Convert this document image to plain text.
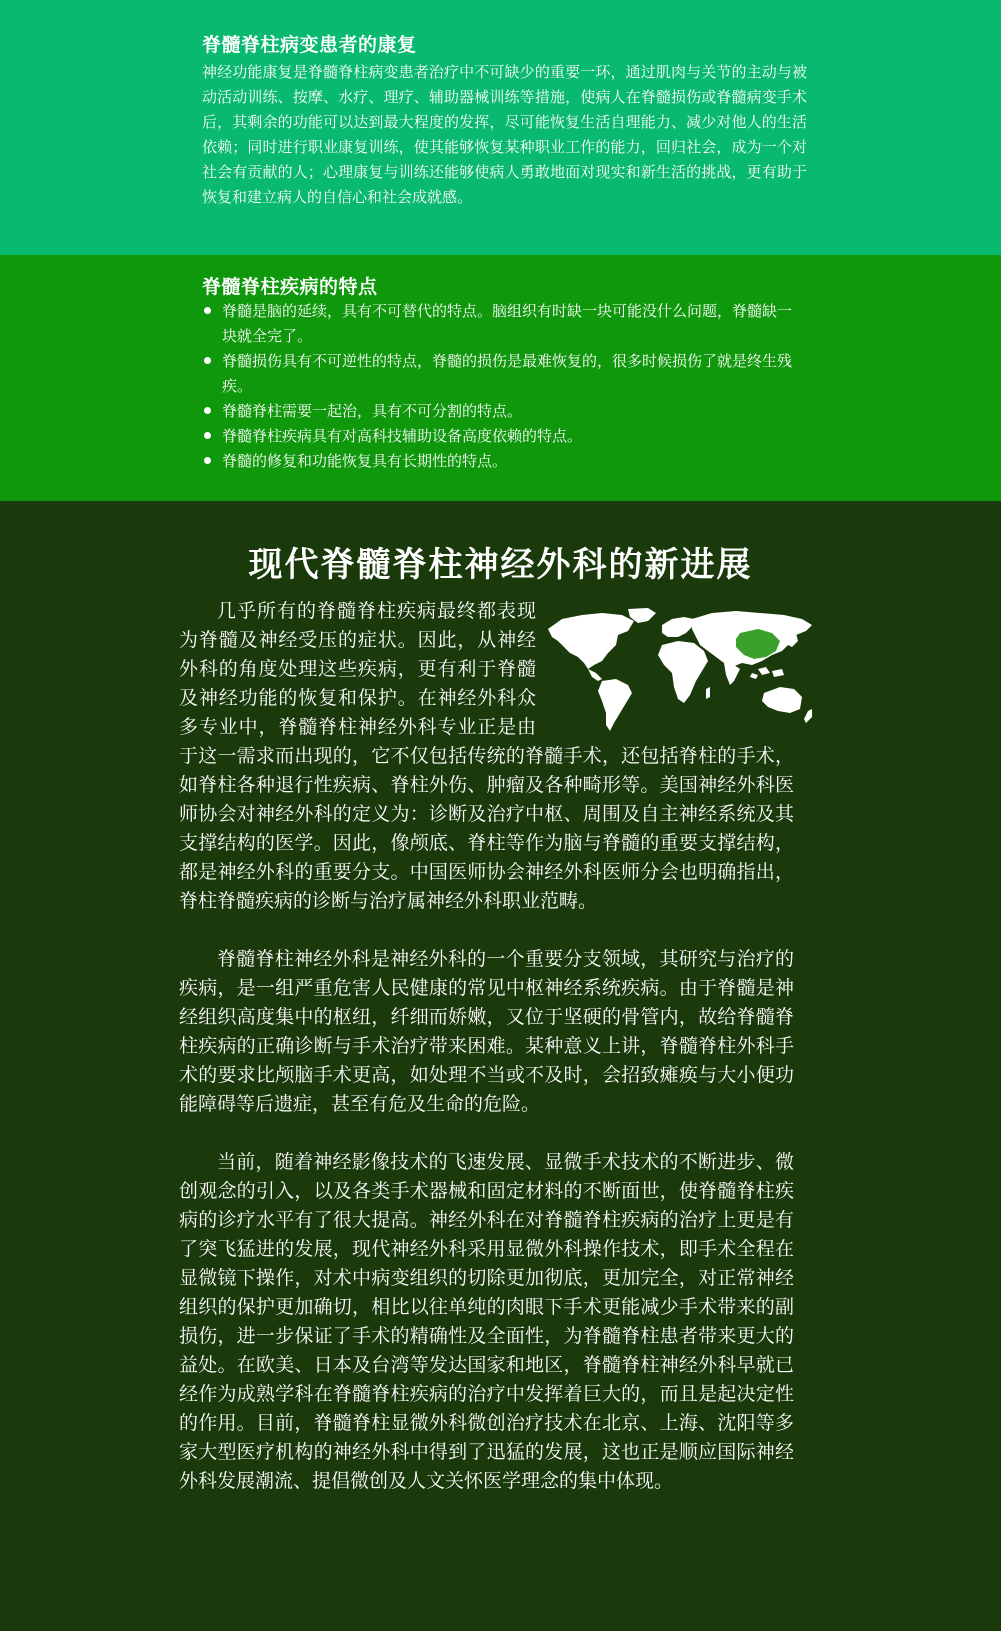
脊髓脊柱病变患者的康复

神经功能康复是脊髓脊柱病变患者治疗中不可缺少的重要一环，通过肌肉与关节的主动与被动活动训练、按摩、水疗、理疗、辅助器械训练等措施，使病人在脊髓损伤或脊髓病变手术后，其剩余的功能可以达到最大程度的发挥，尽可能恢复生活自理能力、减少对他人的生活依赖；同时进行职业康复训练，使其能够恢复某种职业工作的能力，回归社会，成为一个对社会有贡献的人；心理康复与训练还能够使病人勇敢地面对现实和新生活的挑战，更有助于恢复和建立病人的自信心和社会成就感。

脊髓脊柱疾病的特点
脊髓是脑的延续，具有不可替代的特点。脑组织有时缺一块可能没什么问题，脊髓缺一块就全完了。
脊髓损伤具有不可逆性的特点，脊髓的损伤是最难恢复的，很多时候损伤了就是终生残疾。
脊髓脊柱需要一起治，具有不可分割的特点。
脊髓脊柱疾病具有对高科技辅助设备高度依赖的特点。
脊髓的修复和功能恢复具有长期性的特点。
现代脊髓脊柱神经外科的新进展

几乎所有的脊髓脊柱疾病最终都表现为脊髓及神经受压的症状。因此，从神经外科的角度处理这些疾病，更有利于脊髓及神经功能的恢复和保护。在神经外科众多专业中，脊髓脊柱神经外科专业正是由于这一需求而出现的，它不仅包括传统的脊髓手术，还包括脊柱的手术，如脊柱各种退行性疾病、脊柱外伤、肿瘤及各种畸形等。美国神经外科医师协会对神经外科的定义为：诊断及治疗中枢、周围及自主神经系统及其支撑结构的医学。因此，像颅底、脊柱等作为脑与脊髓的重要支撑结构，都是神经外科的重要分支。中国医师协会神经外科医师分会也明确指出，脊柱脊髓疾病的诊断与治疗属神经外科职业范畴。

脊髓脊柱神经外科是神经外科的一个重要分支领域，其研究与治疗的疾病，是一组严重危害人民健康的常见中枢神经系统疾病。由于脊髓是神经组织高度集中的枢纽，纤细而娇嫩，又位于坚硬的骨管内，故给脊髓脊柱疾病的正确诊断与手术治疗带来困难。某种意义上讲，脊髓脊柱外科手术的要求比颅脑手术更高，如处理不当或不及时，会招致瘫痪与大小便功能障碍等后遗症，甚至有危及生命的危险。

当前，随着神经影像技术的飞速发展、显微手术技术的不断进步、微创观念的引入，以及各类手术器械和固定材料的不断面世，使脊髓脊柱疾病的诊疗水平有了很大提高。神经外科在对脊髓脊柱疾病的治疗上更是有了突飞猛进的发展，现代神经外科采用显微外科操作技术，即手术全程在显微镜下操作，对术中病变组织的切除更加彻底，更加完全，对正常神经组织的保护更加确切，相比以往单纯的肉眼下手术更能减少手术带来的副损伤，进一步保证了手术的精确性及全面性，为脊髓脊柱患者带来更大的益处。在欧美、日本及台湾等发达国家和地区，脊髓脊柱神经外科早就已经作为成熟学科在脊髓脊柱疾病的治疗中发挥着巨大的，而且是起决定性的作用。目前，脊髓脊柱显微外科微创治疗技术在北京、上海、沈阳等多家大型医疗机构的神经外科中得到了迅猛的发展，这也正是顺应国际神经外科发展潮流、提倡微创及人文关怀医学理念的集中体现。
